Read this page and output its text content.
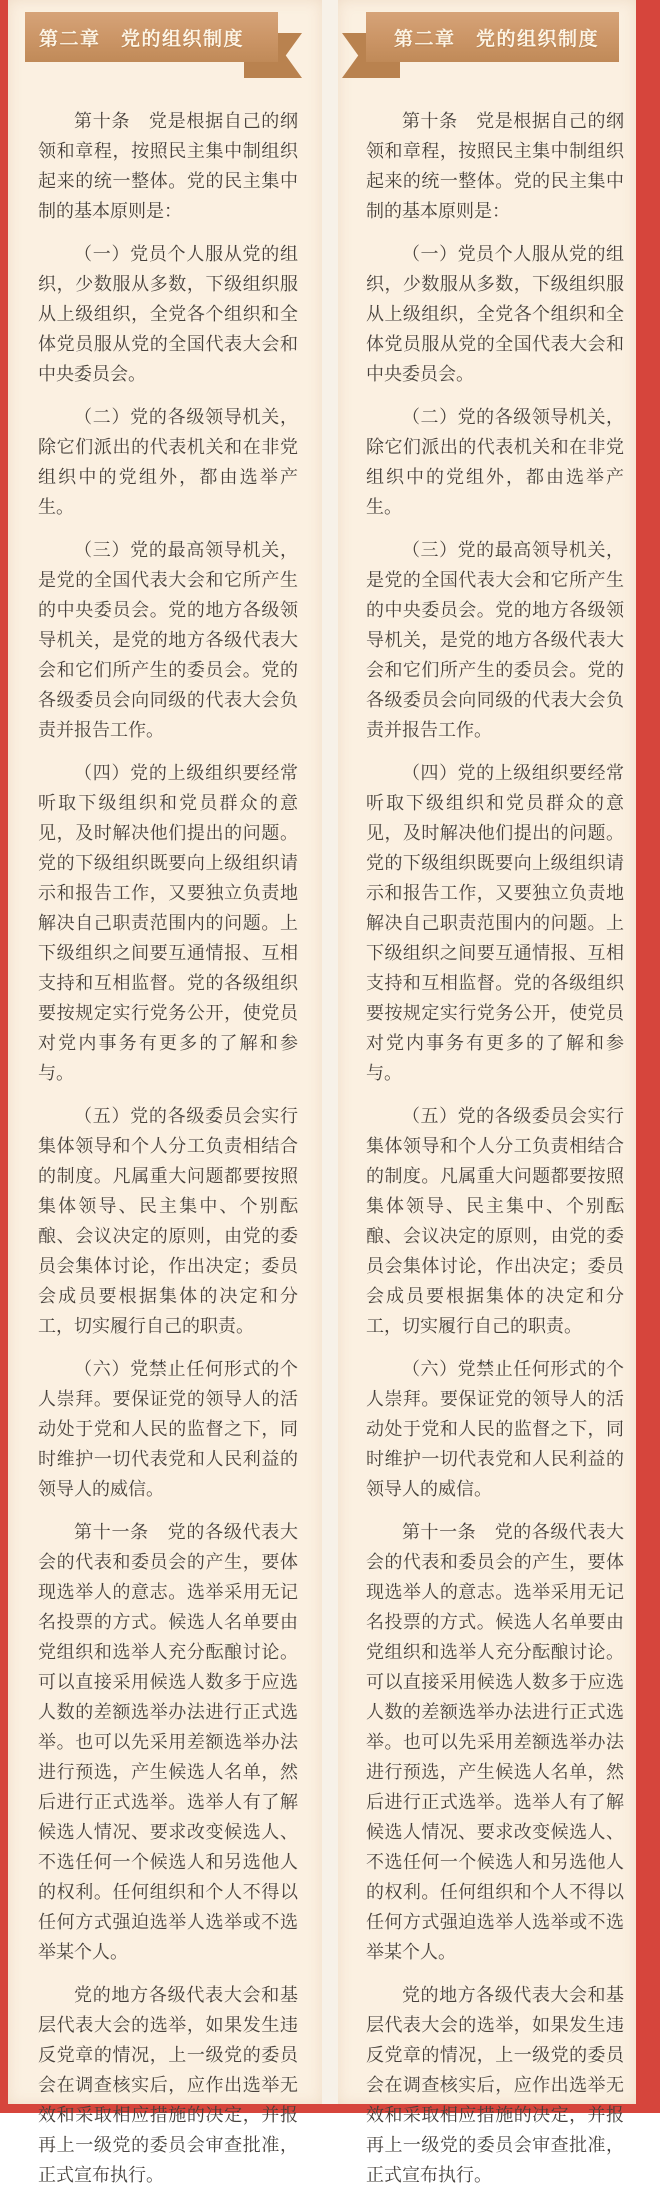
第二章　党的组织制度

第十条　党是根据自己的纲领和章程，按照民主集中制组织起来的统一整体。党的民主集中制的基本原则是：

（一）党员个人服从党的组织，少数服从多数，下级组织服从上级组织，全党各个组织和全体党员服从党的全国代表大会和中央委员会。

（二）党的各级领导机关，除它们派出的代表机关和在非党组织中的党组外，都由选举产生。

（三）党的最高领导机关，是党的全国代表大会和它所产生的中央委员会。党的地方各级领导机关，是党的地方各级代表大会和它们所产生的委员会。党的各级委员会向同级的代表大会负责并报告工作。

（四）党的上级组织要经常听取下级组织和党员群众的意见，及时解决他们提出的问题。党的下级组织既要向上级组织请示和报告工作，又要独立负责地解决自己职责范围内的问题。上下级组织之间要互通情报、互相支持和互相监督。党的各级组织要按规定实行党务公开，使党员对党内事务有更多的了解和参与。

（五）党的各级委员会实行集体领导和个人分工负责相结合的制度。凡属重大问题都要按照集体领导、民主集中、个别酝酿、会议决定的原则，由党的委员会集体讨论，作出决定；委员会成员要根据集体的决定和分工，切实履行自己的职责。

（六）党禁止任何形式的个人崇拜。要保证党的领导人的活动处于党和人民的监督之下，同时维护一切代表党和人民利益的领导人的威信。

第十一条　党的各级代表大会的代表和委员会的产生，要体现选举人的意志。选举采用无记名投票的方式。候选人名单要由党组织和选举人充分酝酿讨论。可以直接采用候选人数多于应选人数的差额选举办法进行正式选举。也可以先采用差额选举办法进行预选，产生候选人名单，然后进行正式选举。选举人有了解候选人情况、要求改变候选人、不选任何一个候选人和另选他人的权利。任何组织和个人不得以任何方式强迫选举人选举或不选举某个人。

党的地方各级代表大会和基层代表大会的选举，如果发生违反党章的情况，上一级党的委员会在调查核实后，应作出选举无效和采取相应措施的决定，并报再上一级党的委员会审查批准，正式宣布执行。

第二章　党的组织制度

第十条　党是根据自己的纲领和章程，按照民主集中制组织起来的统一整体。党的民主集中制的基本原则是：

（一）党员个人服从党的组织，少数服从多数，下级组织服从上级组织，全党各个组织和全体党员服从党的全国代表大会和中央委员会。

（二）党的各级领导机关，除它们派出的代表机关和在非党组织中的党组外，都由选举产生。

（三）党的最高领导机关，是党的全国代表大会和它所产生的中央委员会。党的地方各级领导机关，是党的地方各级代表大会和它们所产生的委员会。党的各级委员会向同级的代表大会负责并报告工作。

（四）党的上级组织要经常听取下级组织和党员群众的意见，及时解决他们提出的问题。党的下级组织既要向上级组织请示和报告工作，又要独立负责地解决自己职责范围内的问题。上下级组织之间要互通情报、互相支持和互相监督。党的各级组织要按规定实行党务公开，使党员对党内事务有更多的了解和参与。

（五）党的各级委员会实行集体领导和个人分工负责相结合的制度。凡属重大问题都要按照集体领导、民主集中、个别酝酿、会议决定的原则，由党的委员会集体讨论，作出决定；委员会成员要根据集体的决定和分工，切实履行自己的职责。

（六）党禁止任何形式的个人崇拜。要保证党的领导人的活动处于党和人民的监督之下，同时维护一切代表党和人民利益的领导人的威信。

第十一条　党的各级代表大会的代表和委员会的产生，要体现选举人的意志。选举采用无记名投票的方式。候选人名单要由党组织和选举人充分酝酿讨论。可以直接采用候选人数多于应选人数的差额选举办法进行正式选举。也可以先采用差额选举办法进行预选，产生候选人名单，然后进行正式选举。选举人有了解候选人情况、要求改变候选人、不选任何一个候选人和另选他人的权利。任何组织和个人不得以任何方式强迫选举人选举或不选举某个人。

党的地方各级代表大会和基层代表大会的选举，如果发生违反党章的情况，上一级党的委员会在调查核实后，应作出选举无效和采取相应措施的决定，并报再上一级党的委员会审查批准，正式宣布执行。
